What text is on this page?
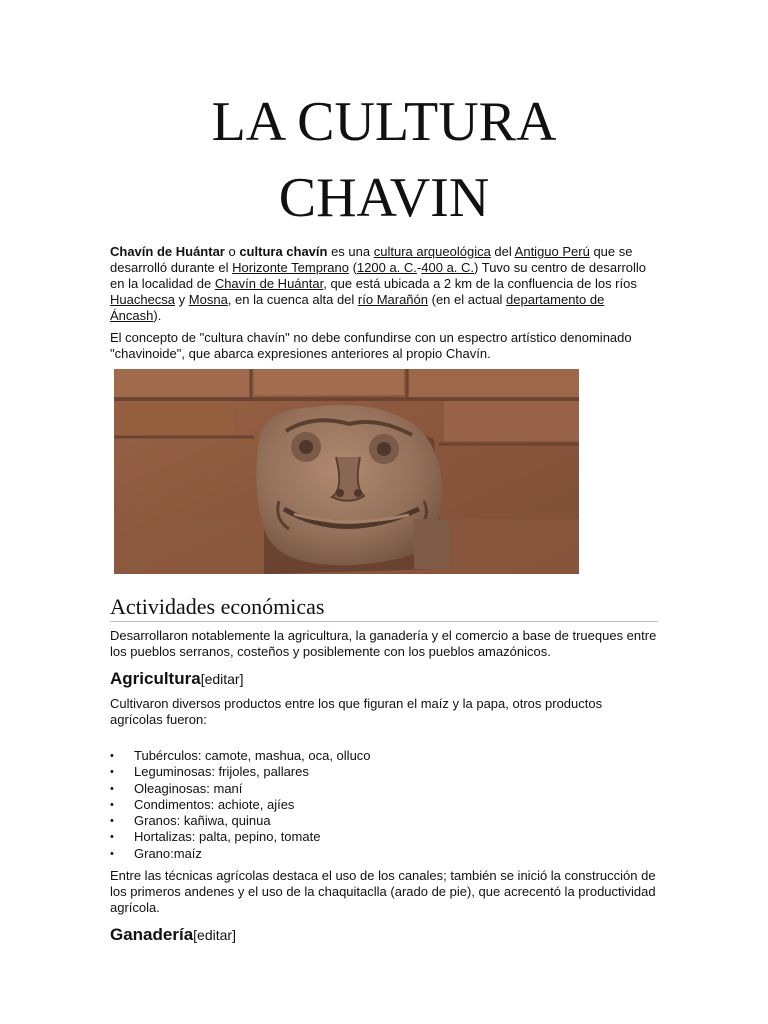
LA CULTURA
CHAVIN

Chavín de Huántar o cultura chavín es una cultura arqueológica del Antiguo Perú que se desarrolló durante el Horizonte Temprano (1200 a. C.-400 a. C.) Tuvo su centro de desarrollo en la localidad de Chavín de Huántar, que está ubicada a 2 km de la confluencia de los ríos Huachecsa y Mosna, en la cuenca alta del río Marañón (en el actual departamento de Áncash).

El concepto de "cultura chavín" no debe confundirse con un espectro artístico denominado "chavinoide", que abarca expresiones anteriores al propio Chavín.

Actividades económicas

Desarrollaron notablemente la agricultura, la ganadería y el comercio a base de trueques entre los pueblos serranos, costeños y posiblemente con los pueblos amazónicos.

Agricultura[editar]

Cultivaron diversos productos entre los que figuran el maíz y la papa, otros productos agrícolas fueron:

• Tubérculos: camote, mashua, oca, olluco
• Leguminosas: frijoles, pallares
• Oleaginosas: maní
• Condimentos: achiote, ajíes
• Granos: kañiwa, quinua
• Hortalizas: palta, pepino, tomate
• Grano:maíz

Entre las técnicas agrícolas destaca el uso de los canales; también se inició la construcción de los primeros andenes y el uso de la chaquitaclla (arado de pie), que acrecentó la productividad agrícola.

Ganadería[editar]
